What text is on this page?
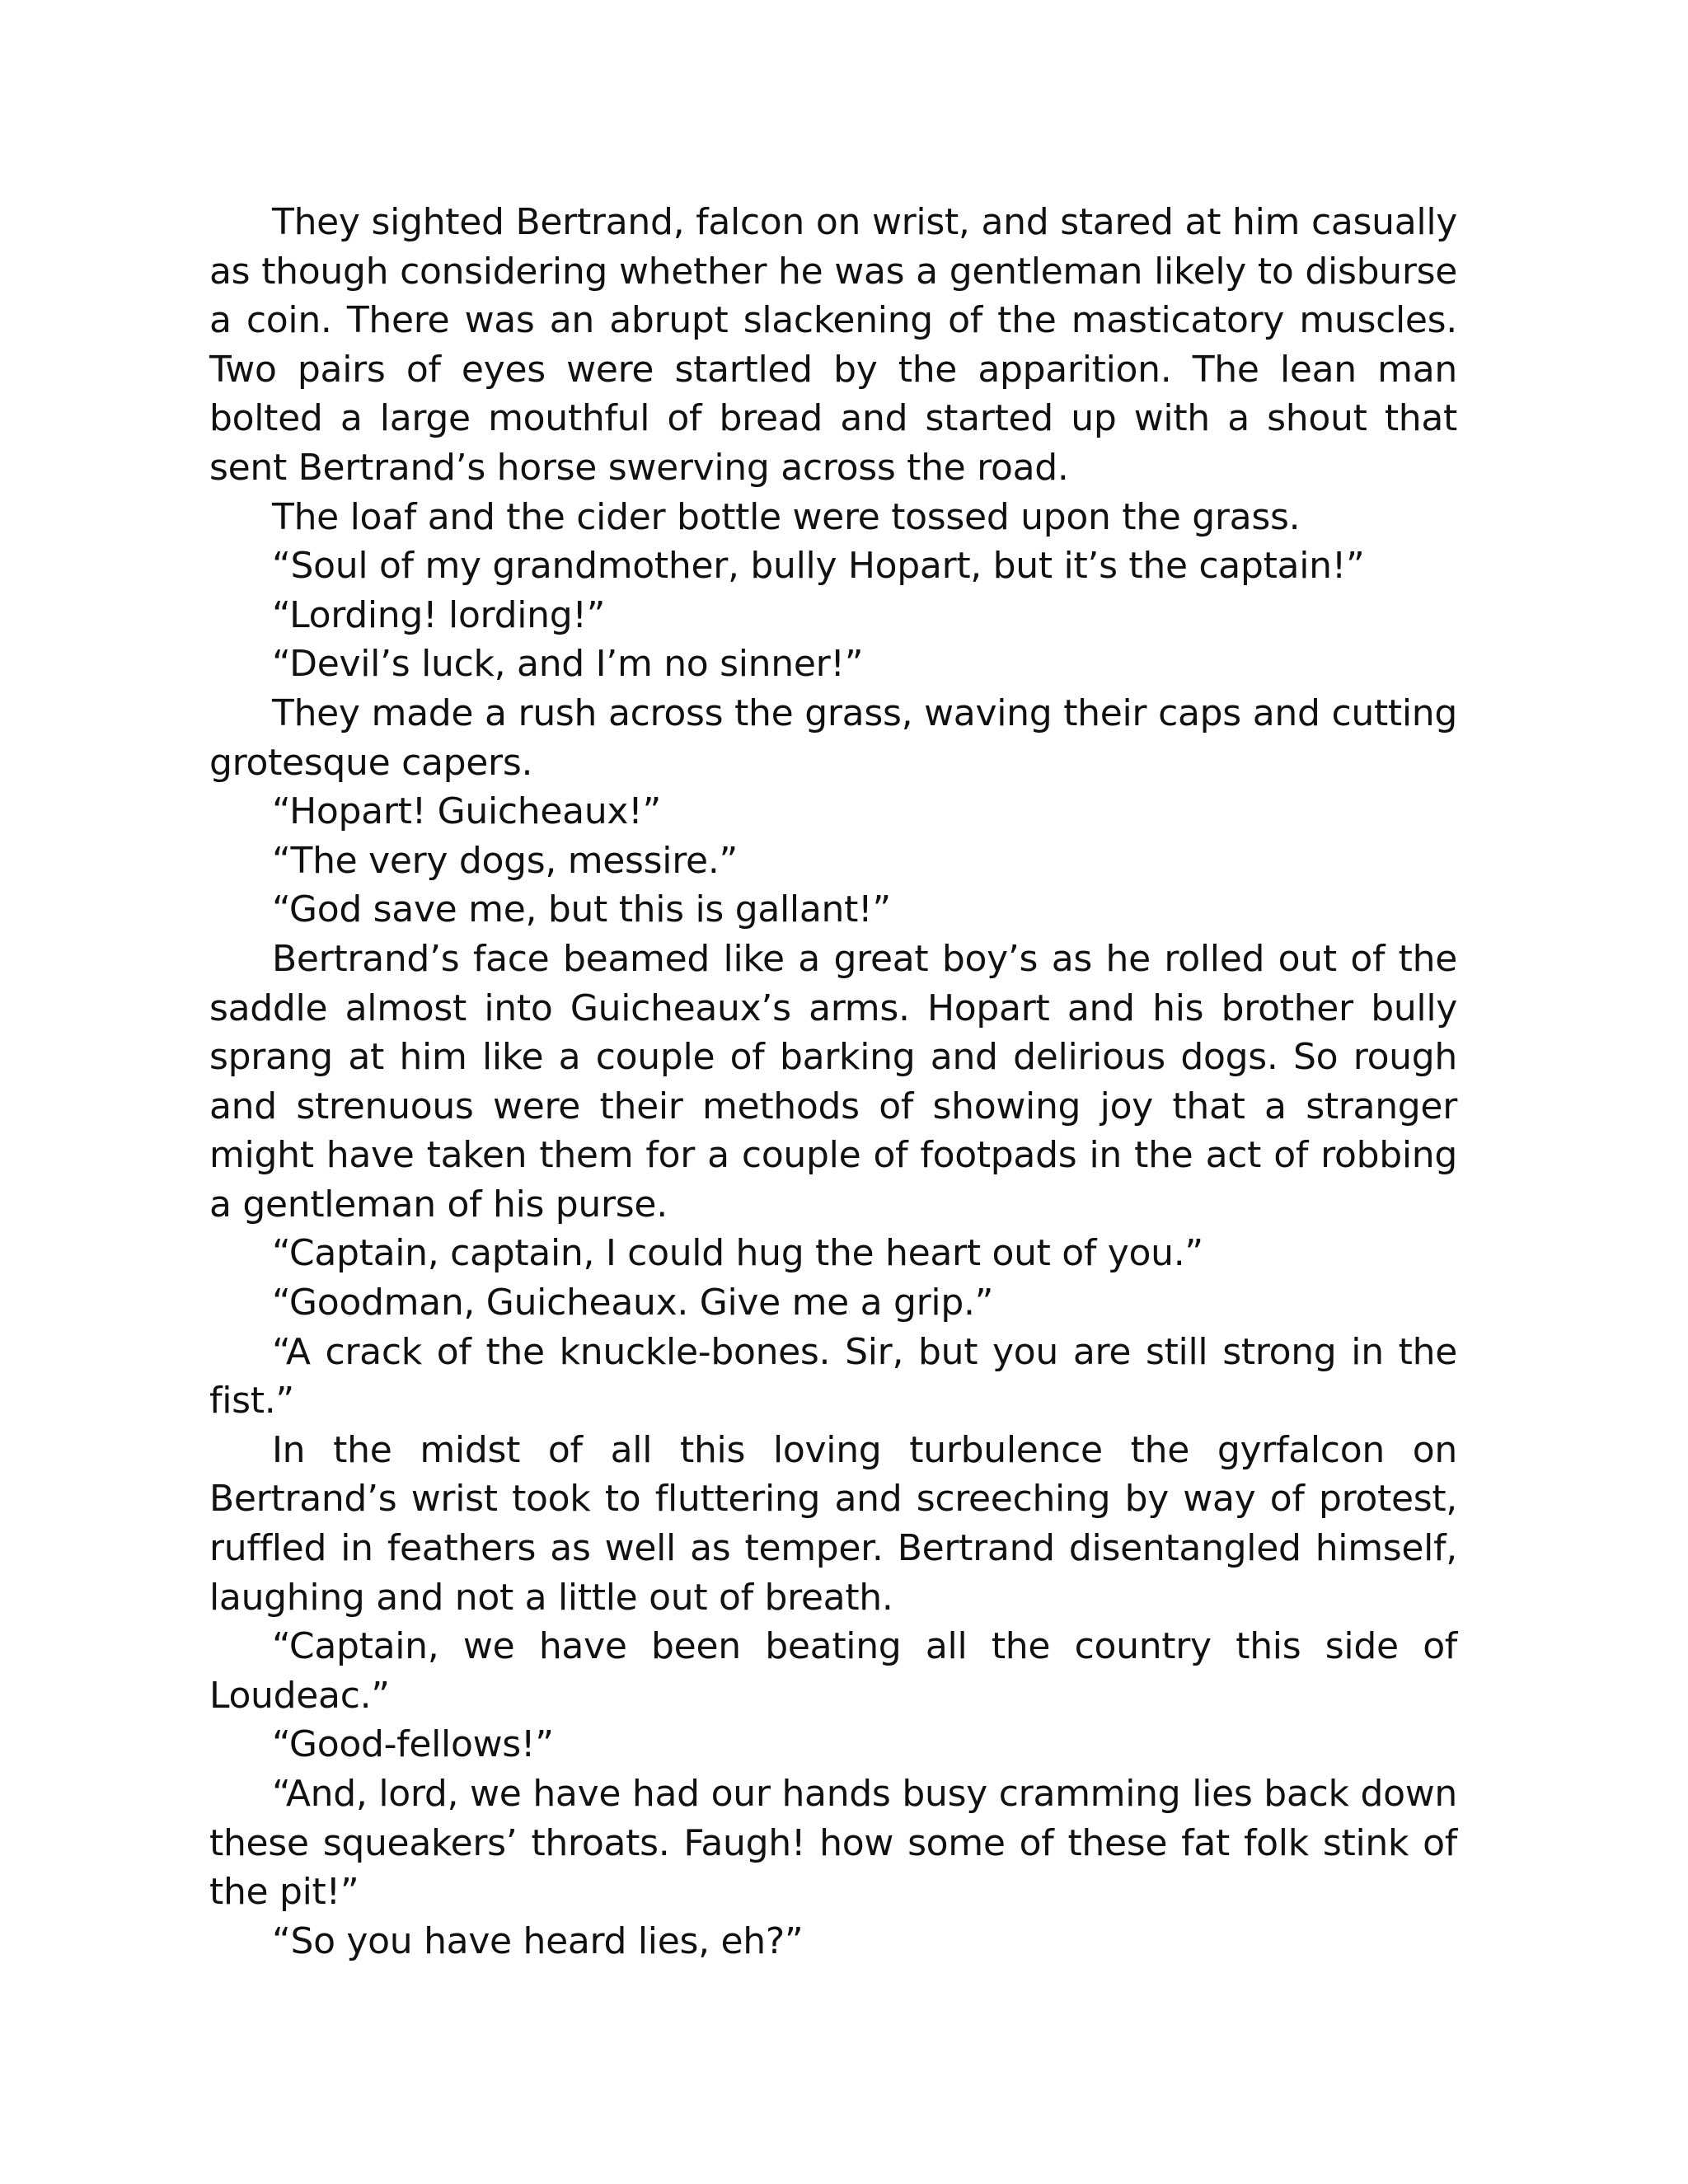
They sighted Bertrand, falcon on wrist, and stared at him casually as though considering whether he was a gentleman likely to disburse a coin. There was an abrupt slackening of the masticatory muscles. Two pairs of eyes were startled by the apparition. The lean man bolted a large mouthful of bread and started up with a shout that sent Bertrand’s horse swerving across the road.

The loaf and the cider bottle were tossed upon the grass.

“Soul of my grandmother, bully Hopart, but it’s the captain!”

“Lording! lording!”

“Devil’s luck, and I’m no sinner!”

They made a rush across the grass, waving their caps and cutting grotesque capers.

“Hopart! Guicheaux!”

“The very dogs, messire.”

“God save me, but this is gallant!”

Bertrand’s face beamed like a great boy’s as he rolled out of the saddle almost into Guicheaux’s arms. Hopart and his brother bully sprang at him like a couple of barking and delirious dogs. So rough and strenuous were their methods of showing joy that a stranger might have taken them for a couple of footpads in the act of robbing a gentleman of his purse.

“Captain, captain, I could hug the heart out of you.”

“Goodman, Guicheaux. Give me a grip.”

“A crack of the knuckle-bones. Sir, but you are still strong in the fist.”

In the midst of all this loving turbulence the gyrfalcon on Bertrand’s wrist took to fluttering and screeching by way of protest, ruffled in feathers as well as temper. Bertrand disentangled himself, laughing and not a little out of breath.

“Captain, we have been beating all the country this side of Loudeac.”

“Good-fellows!”

“And, lord, we have had our hands busy cramming lies back down these squeakers’ throats. Faugh! how some of these fat folk stink of the pit!”

“So you have heard lies, eh?”
